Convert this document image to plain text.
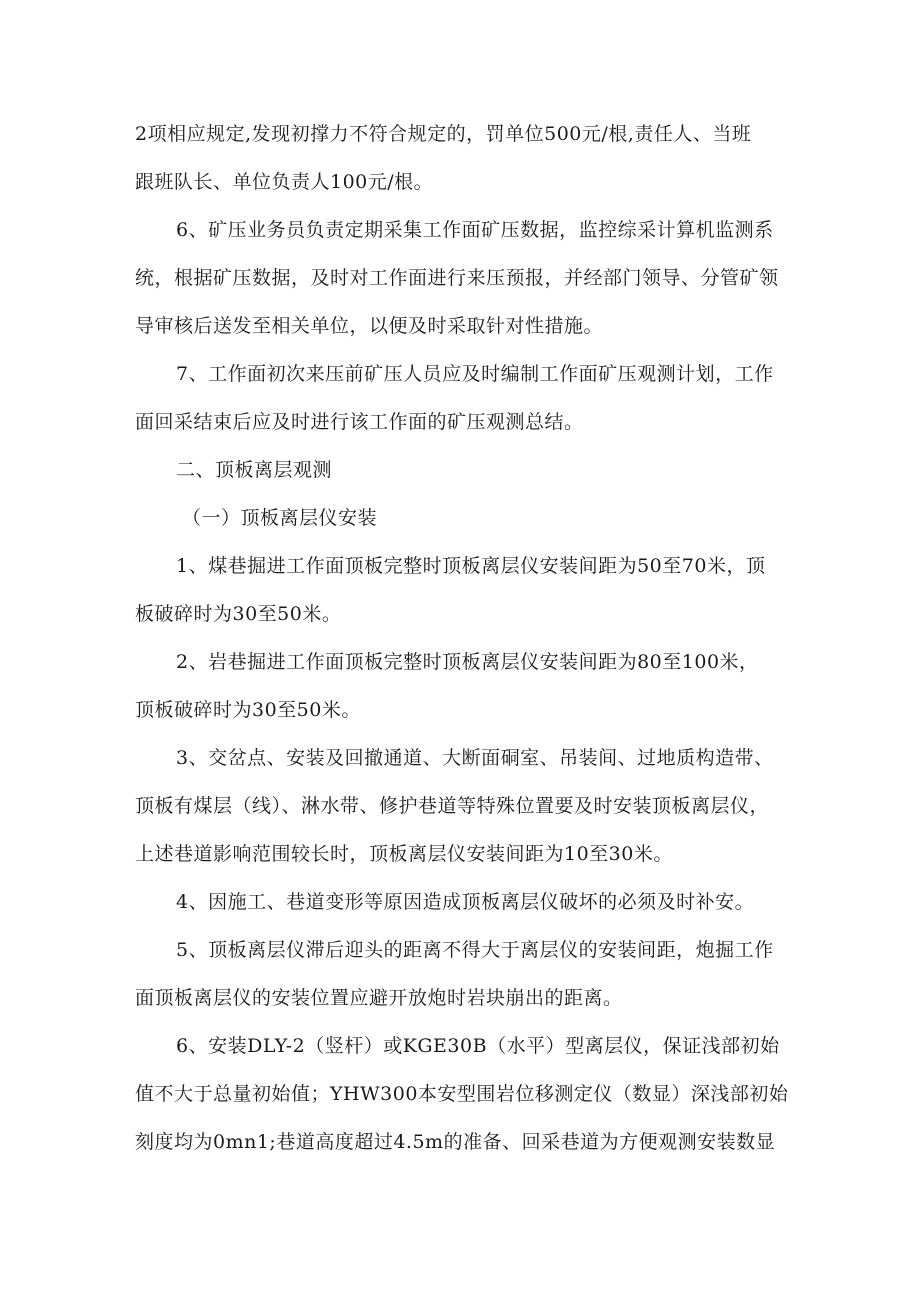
2项相应规定,发现初撑力不符合规定的，罚单位500元/根,责任人、当班
跟班队长、单位负责人100元/根。
6、矿压业务员负责定期采集工作面矿压数据，监控综采计算机监测系
统，根据矿压数据，及时对工作面进行来压预报，并经部门领导、分管矿领
导审核后送发至相关单位，以便及时采取针对性措施。
7、工作面初次来压前矿压人员应及时编制工作面矿压观测计划，工作
面回采结束后应及时进行该工作面的矿压观测总结。
二、顶板离层观测
（一）顶板离层仪安装
1、煤巷掘进工作面顶板完整时顶板离层仪安装间距为50至70米，顶
板破碎时为30至50米。
2、岩巷掘进工作面顶板完整时顶板离层仪安装间距为80至100米，
顶板破碎时为30至50米。
3、交岔点、安装及回撤通道、大断面硐室、吊装间、过地质构造带、
顶板有煤层（线）、淋水带、修护巷道等特殊位置要及时安装顶板离层仪，
上述巷道影响范围较长时，顶板离层仪安装间距为10至30米。
4、因施工、巷道变形等原因造成顶板离层仪破坏的必须及时补安。
5、顶板离层仪滞后迎头的距离不得大于离层仪的安装间距，炮掘工作
面顶板离层仪的安装位置应避开放炮时岩块崩出的距离。
6、安装DLY-2（竖杆）或KGE30B（水平）型离层仪，保证浅部初始
值不大于总量初始值；YHW300本安型围岩位移测定仪（数显）深浅部初始
刻度均为0mn1;巷道高度超过4.5m的准备、回采巷道为方便观测安装数显
